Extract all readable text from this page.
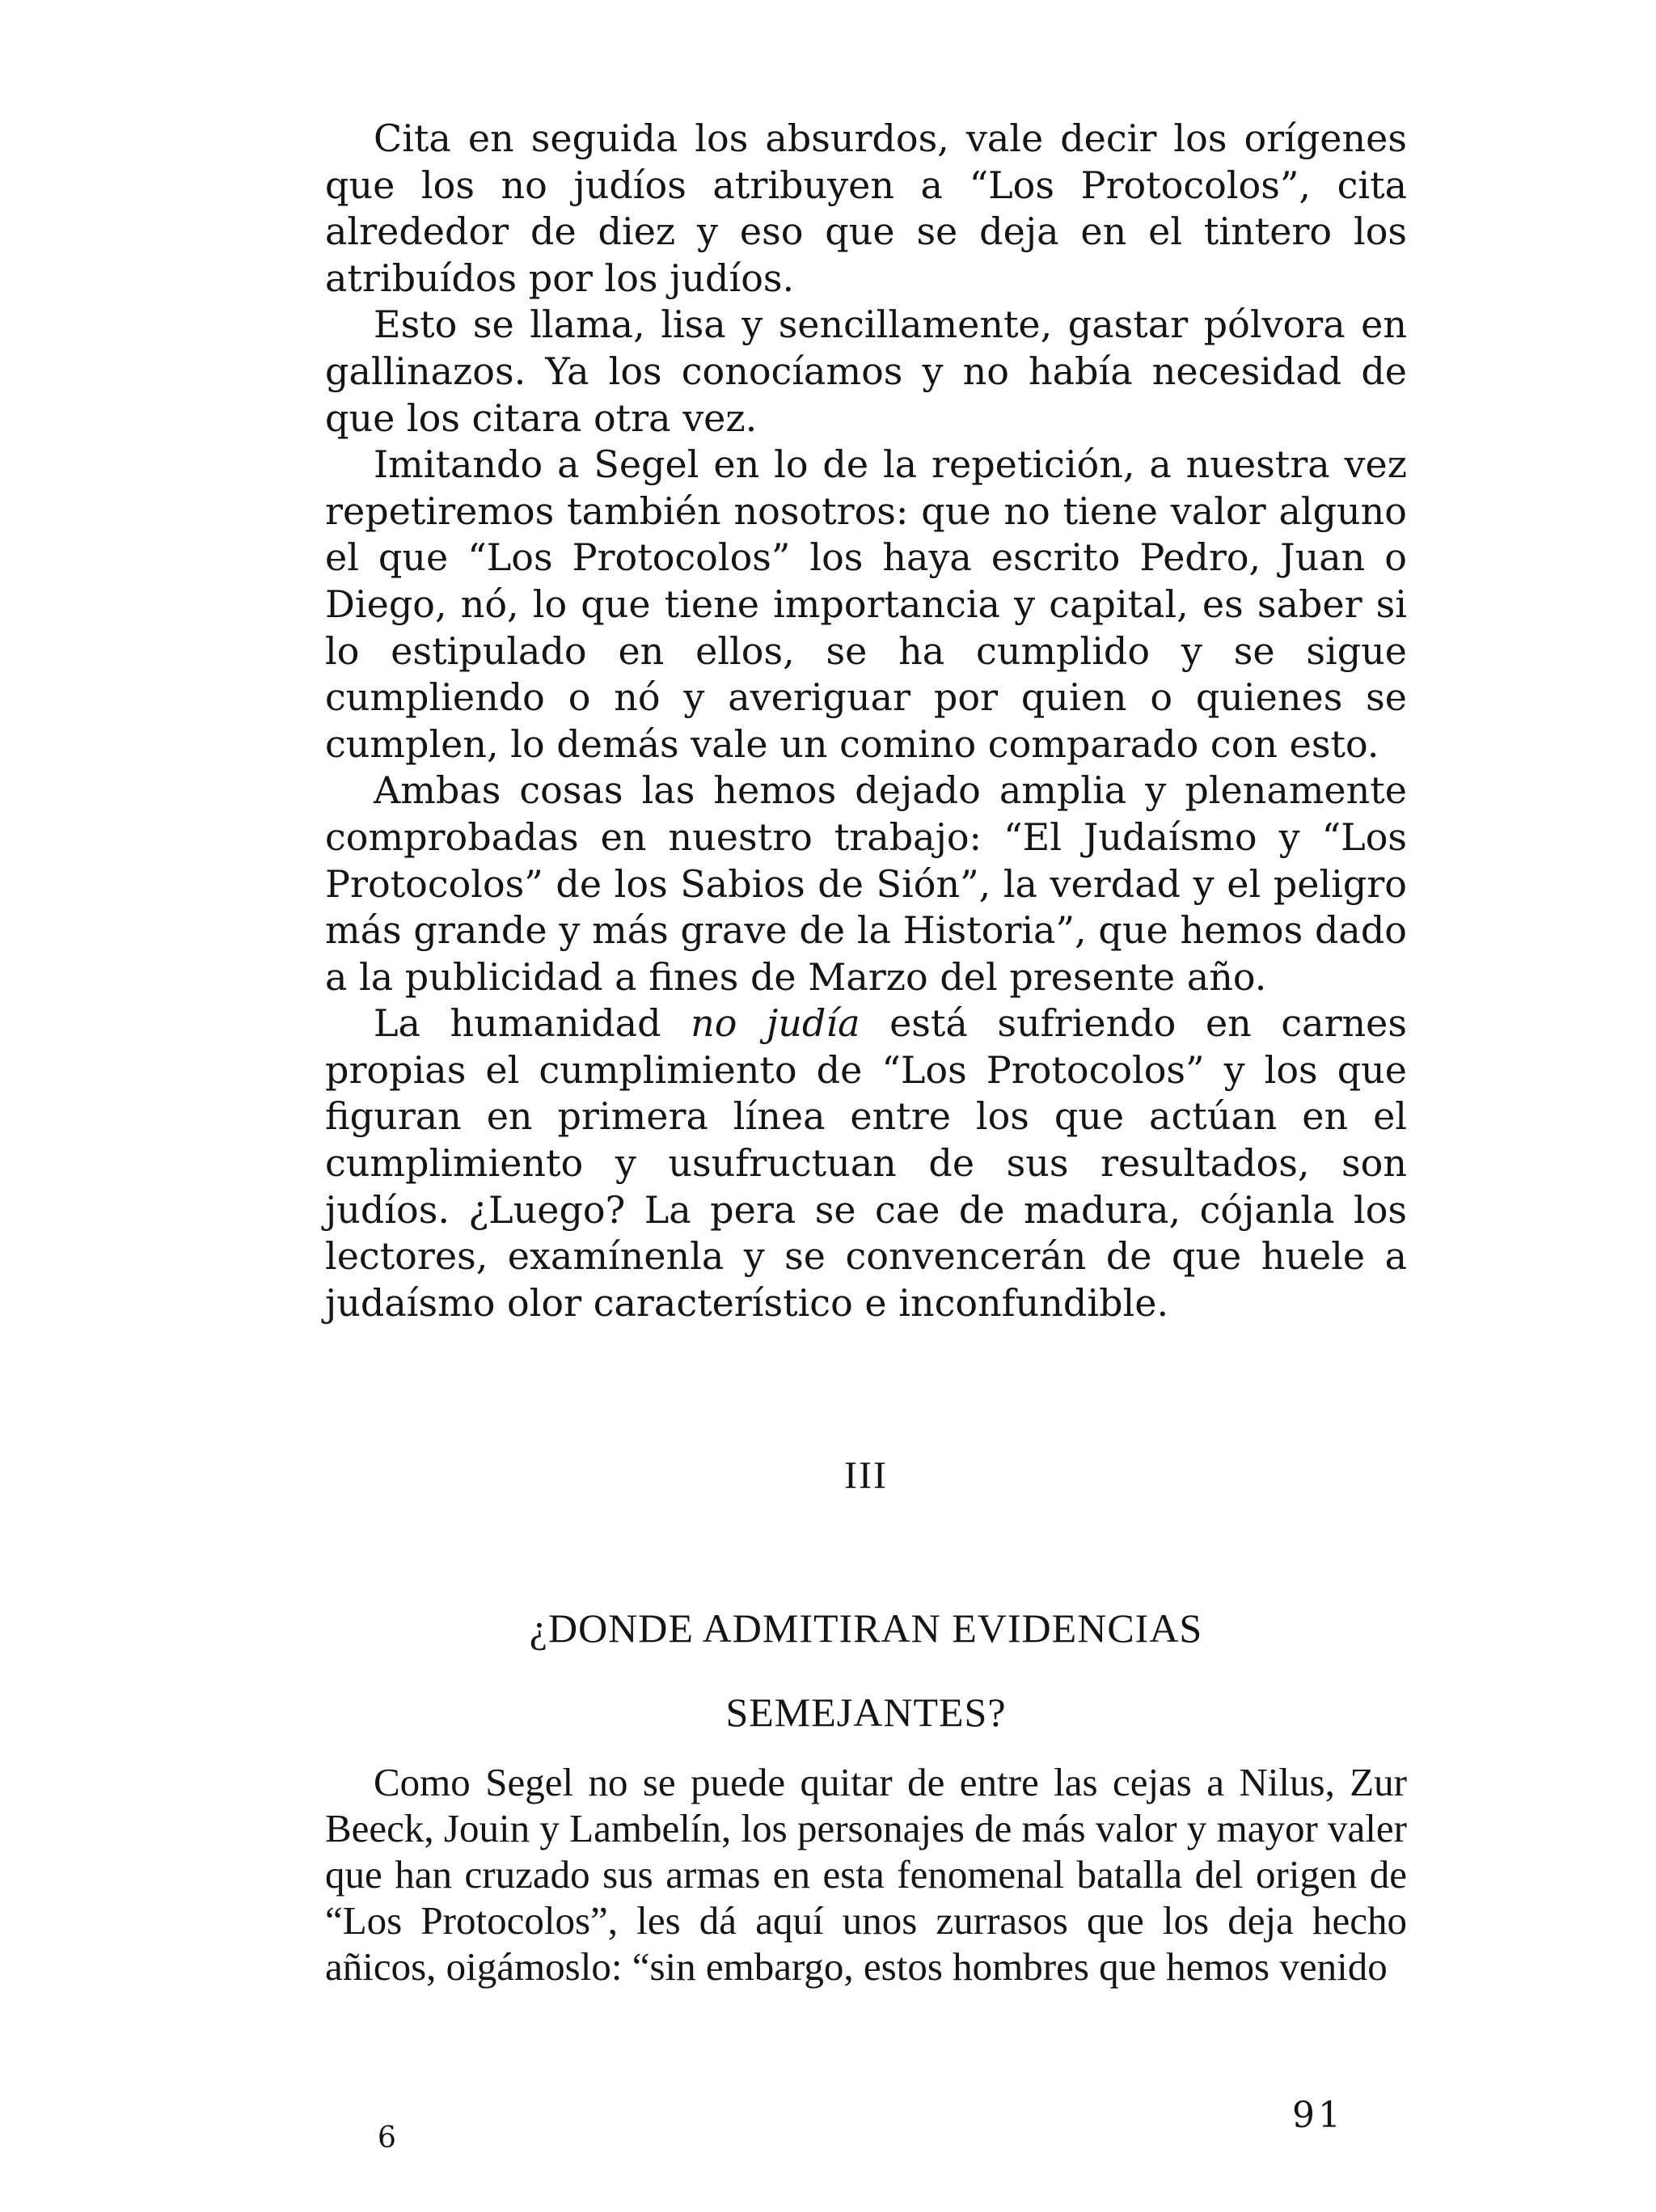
Cita en seguida los absurdos, vale decir los orígenes que los no judíos atribuyen a “Los Protocolos”, cita alrededor de diez y eso que se deja en el tintero los atribuídos por los judíos.

Esto se llama, lisa y sencillamente, gastar pólvora en gallinazos. Ya los conocíamos y no había necesidad de que los citara otra vez.

Imitando a Segel en lo de la repetición, a nuestra vez repetiremos también nosotros: que no tiene valor alguno el que “Los Protocolos” los haya escrito Pedro, Juan o Diego, nó, lo que tiene importancia y capital, es saber si lo estipulado en ellos, se ha cumplido y se sigue cumpliendo o nó y averiguar por quien o quienes se cumplen, lo demás vale un comino comparado con esto.

Ambas cosas las hemos dejado amplia y plenamente comprobadas en nuestro trabajo: “El Judaísmo y “Los Protocolos” de los Sabios de Sión”, la verdad y el peligro más grande y más grave de la Historia”, que hemos dado a la publicidad a fines de Marzo del presente año.

La humanidad no judía está sufriendo en carnes propias el cumplimiento de “Los Protocolos” y los que figuran en primera línea entre los que actúan en el cumplimiento y usufructuan de sus resultados, son judíos. ¿Luego? La pera se cae de madura, cójanla los lectores, examínenla y se convencerán de que huele a judaísmo olor característico e inconfundible.

III
¿DONDE ADMITIRAN EVIDENCIAS
SEMEJANTES?

Como Segel no se puede quitar de entre las cejas a Nilus, Zur Beeck, Jouin y Lambelín, los personajes de más valor y mayor valer que han cruzado sus armas en esta fenomenal batalla del origen de “Los Protocolos”, les dá aquí unos zurrasos que los deja hecho añicos, oigámoslo: “sin embargo, estos hombres que hemos venido

91
6
